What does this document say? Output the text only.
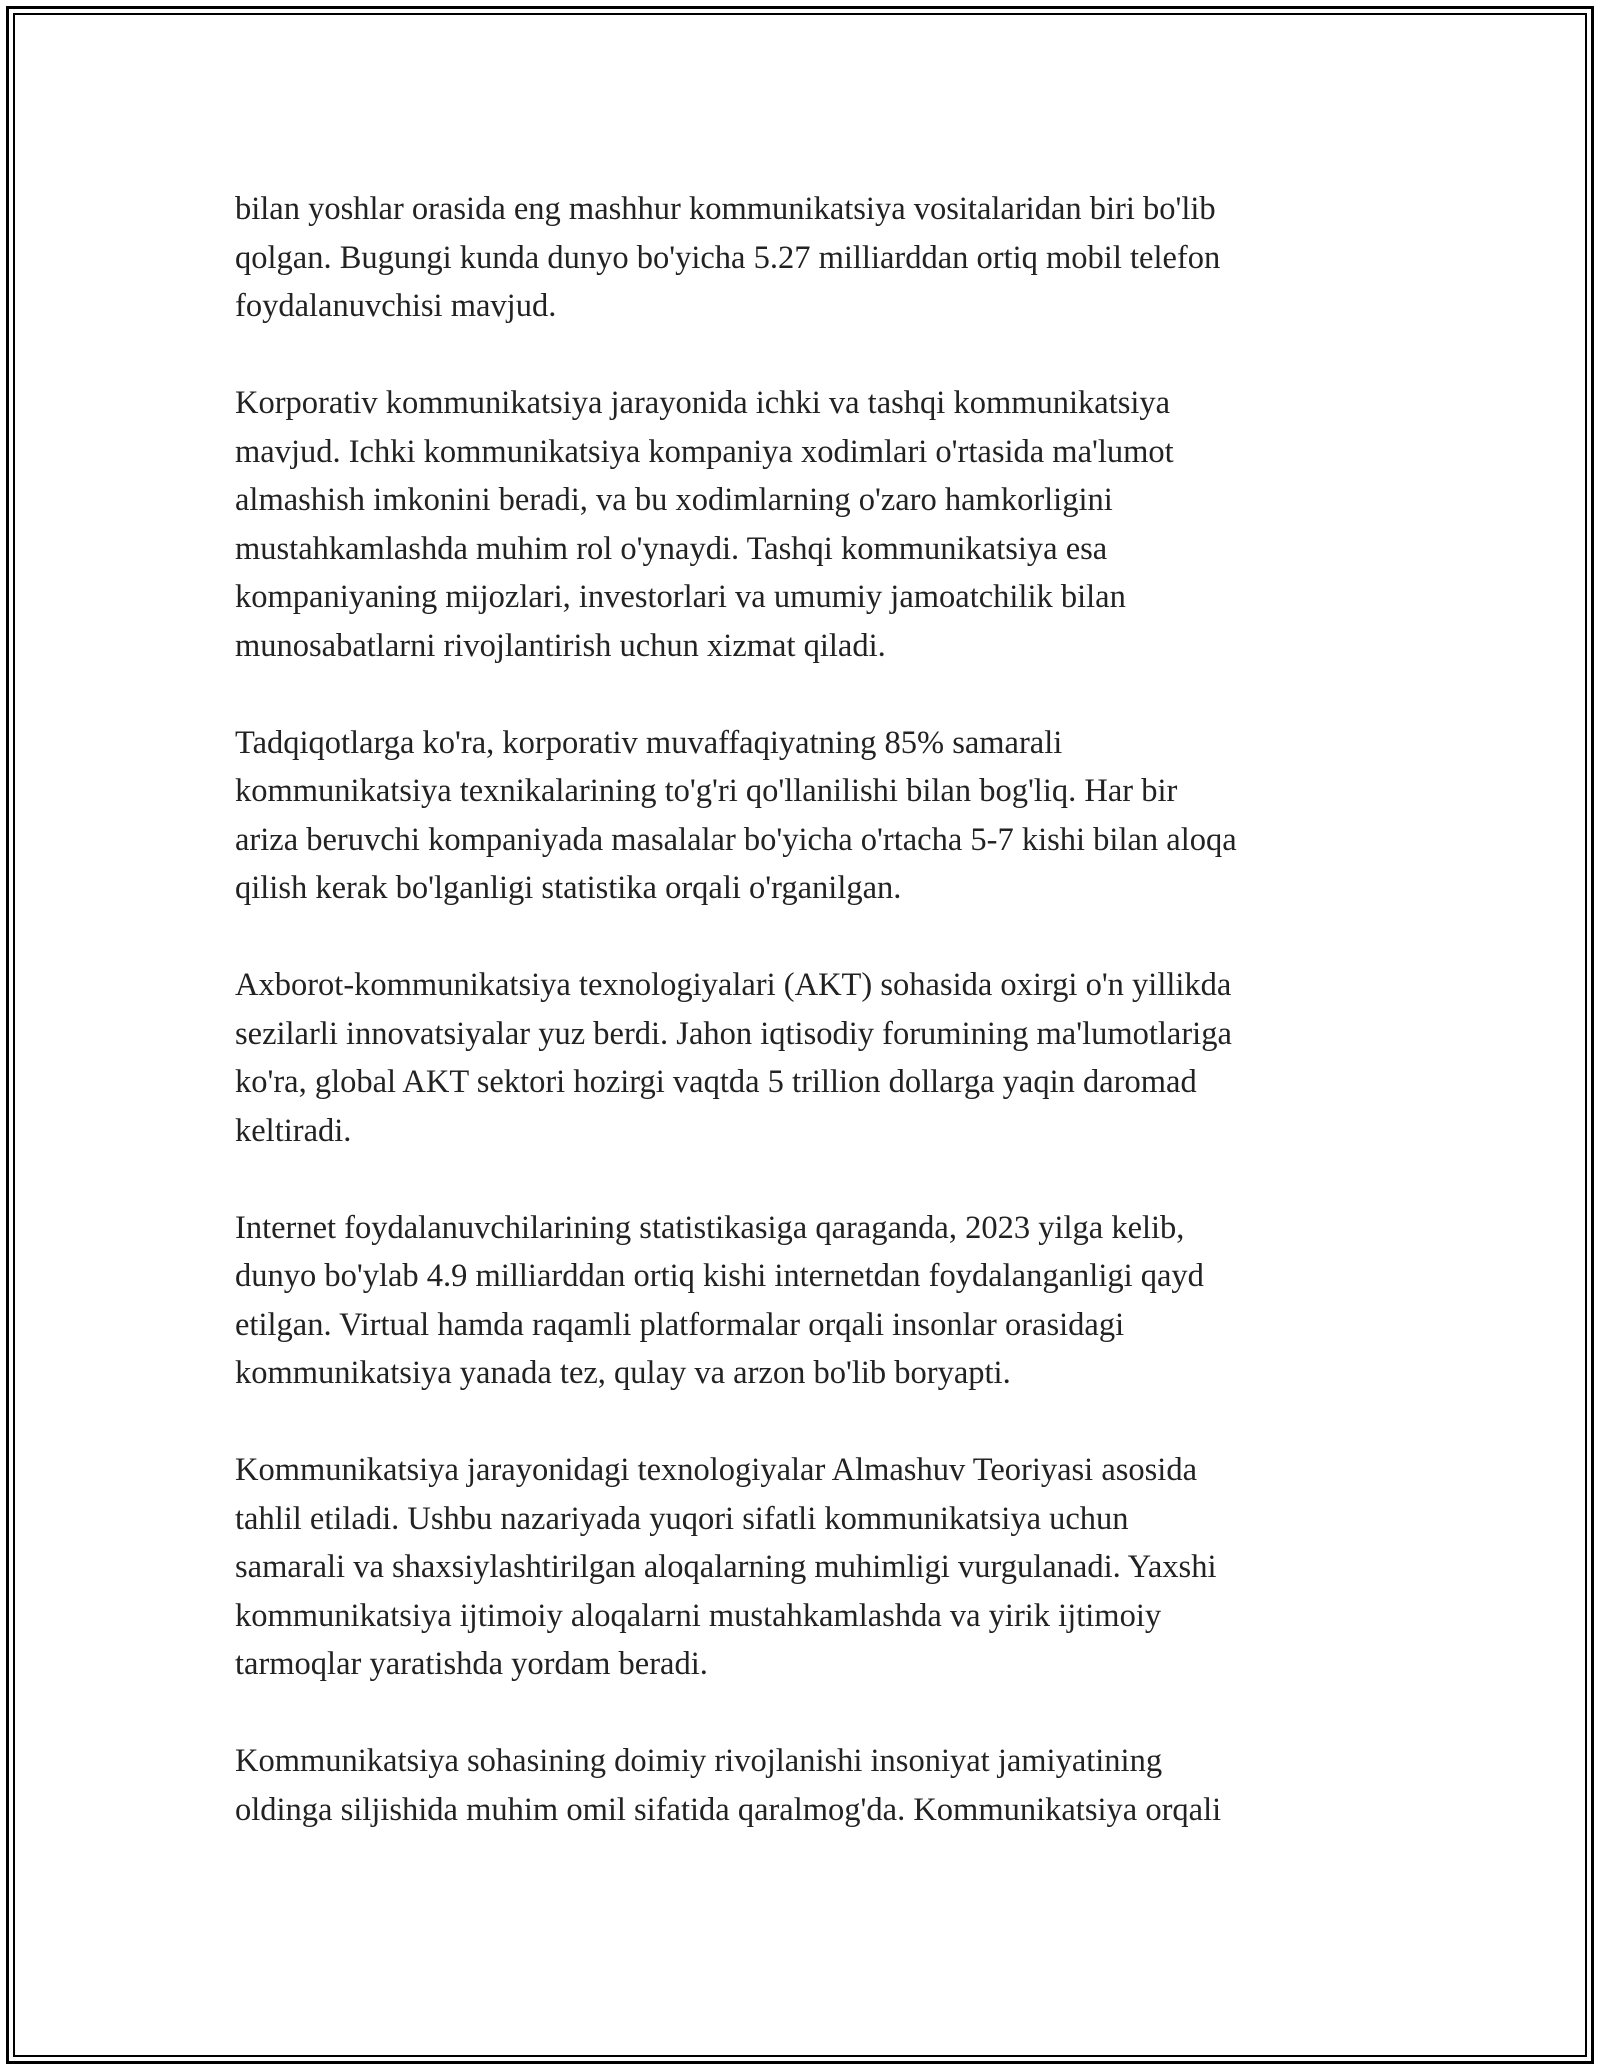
bilan yoshlar orasida eng mashhur kommunikatsiya vositalaridan biri bo'lib
qolgan. Bugungi kunda dunyo bo'yicha 5.27 milliarddan ortiq mobil telefon
foydalanuvchisi mavjud.

Korporativ kommunikatsiya jarayonida ichki va tashqi kommunikatsiya
mavjud. Ichki kommunikatsiya kompaniya xodimlari o'rtasida ma'lumot
almashish imkonini beradi, va bu xodimlarning o'zaro hamkorligini
mustahkamlashda muhim rol o'ynaydi. Tashqi kommunikatsiya esa
kompaniyaning mijozlari, investorlari va umumiy jamoatchilik bilan
munosabatlarni rivojlantirish uchun xizmat qiladi.

Tadqiqotlarga ko'ra, korporativ muvaffaqiyatning 85% samarali
kommunikatsiya texnikalarining to'g'ri qo'llanilishi bilan bog'liq. Har bir
ariza beruvchi kompaniyada masalalar bo'yicha o'rtacha 5-7 kishi bilan aloqa
qilish kerak bo'lganligi statistika orqali o'rganilgan.

Axborot-kommunikatsiya texnologiyalari (AKT) sohasida oxirgi o'n yillikda
sezilarli innovatsiyalar yuz berdi. Jahon iqtisodiy forumining ma'lumotlariga
ko'ra, global AKT sektori hozirgi vaqtda 5 trillion dollarga yaqin daromad
keltiradi.

Internet foydalanuvchilarining statistikasiga qaraganda, 2023 yilga kelib,
dunyo bo'ylab 4.9 milliarddan ortiq kishi internetdan foydalanganligi qayd
etilgan. Virtual hamda raqamli platformalar orqali insonlar orasidagi
kommunikatsiya yanada tez, qulay va arzon bo'lib boryapti.

Kommunikatsiya jarayonidagi texnologiyalar Almashuv Teoriyasi asosida
tahlil etiladi. Ushbu nazariyada yuqori sifatli kommunikatsiya uchun
samarali va shaxsiylashtirilgan aloqalarning muhimligi vurgulanadi. Yaxshi
kommunikatsiya ijtimoiy aloqalarni mustahkamlashda va yirik ijtimoiy
tarmoqlar yaratishda yordam beradi.

Kommunikatsiya sohasining doimiy rivojlanishi insoniyat jamiyatining
oldinga siljishida muhim omil sifatida qaralmog'da. Kommunikatsiya orqali
